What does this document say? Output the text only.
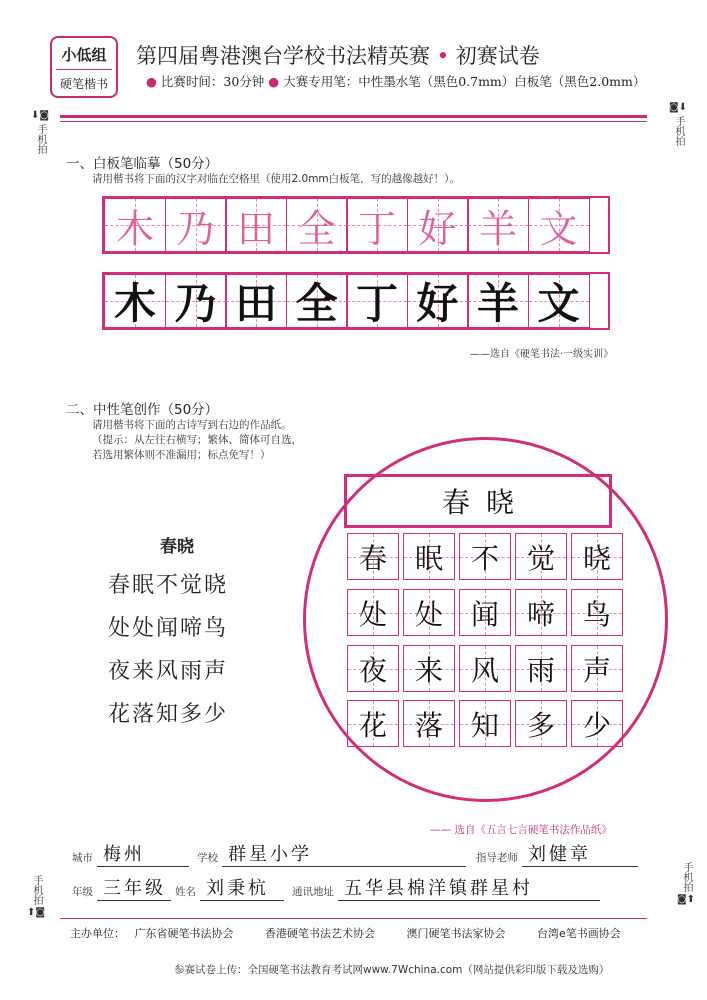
小低组
硬笔楷书
第四届粤港澳台学校书法精英赛 • 初赛试卷
● 比赛时间：30分钟 ● 大赛专用笔：中性墨水笔（黑色0.7mm）白板笔（黑色2.0mm）
⬇◙
手机拍
◙⬇
手机拍
手机拍
⬆◙
手机拍
◙⬆
一、白板笔临摹（50分）
请用楷书将下面的汉字对临在空格里（使用2.0mm白板笔，写的越像越好！）。
木 乃 田 全 丁 好 羊 文
木 乃 田 全 丁 好 羊 文
——选自《硬笔书法·一级实训》
二、中性笔创作（50分）
请用楷书将下面的古诗写到右边的作品纸。
（提示：从左往右横写；繁体、简体可自选，
若选用繁体则不准漏用；标点免写！）
春晓
春眠不觉晓
处处闻啼鸟
夜来风雨声
花落知多少
春晓
春 眠 不 觉 晓
处 处 闻 啼 鸟
夜 来 风 雨 声
花 落 知 多 少
—— 选自《五言七言硬笔书法作品纸》
城市 梅州	学校 群星小学	指导老师 刘健章
年级 三年级 姓名 刘秉杭	通讯地址 五华县棉洋镇群星村
主办单位： 广东省硬笔书法协会	香港硬笔书法艺术协会	澳门硬笔书法家协会	台湾e笔书画协会
参赛试卷上传：全国硬笔书法教育考试网www.7Wchina.com（网站提供彩印版下载及选购）
